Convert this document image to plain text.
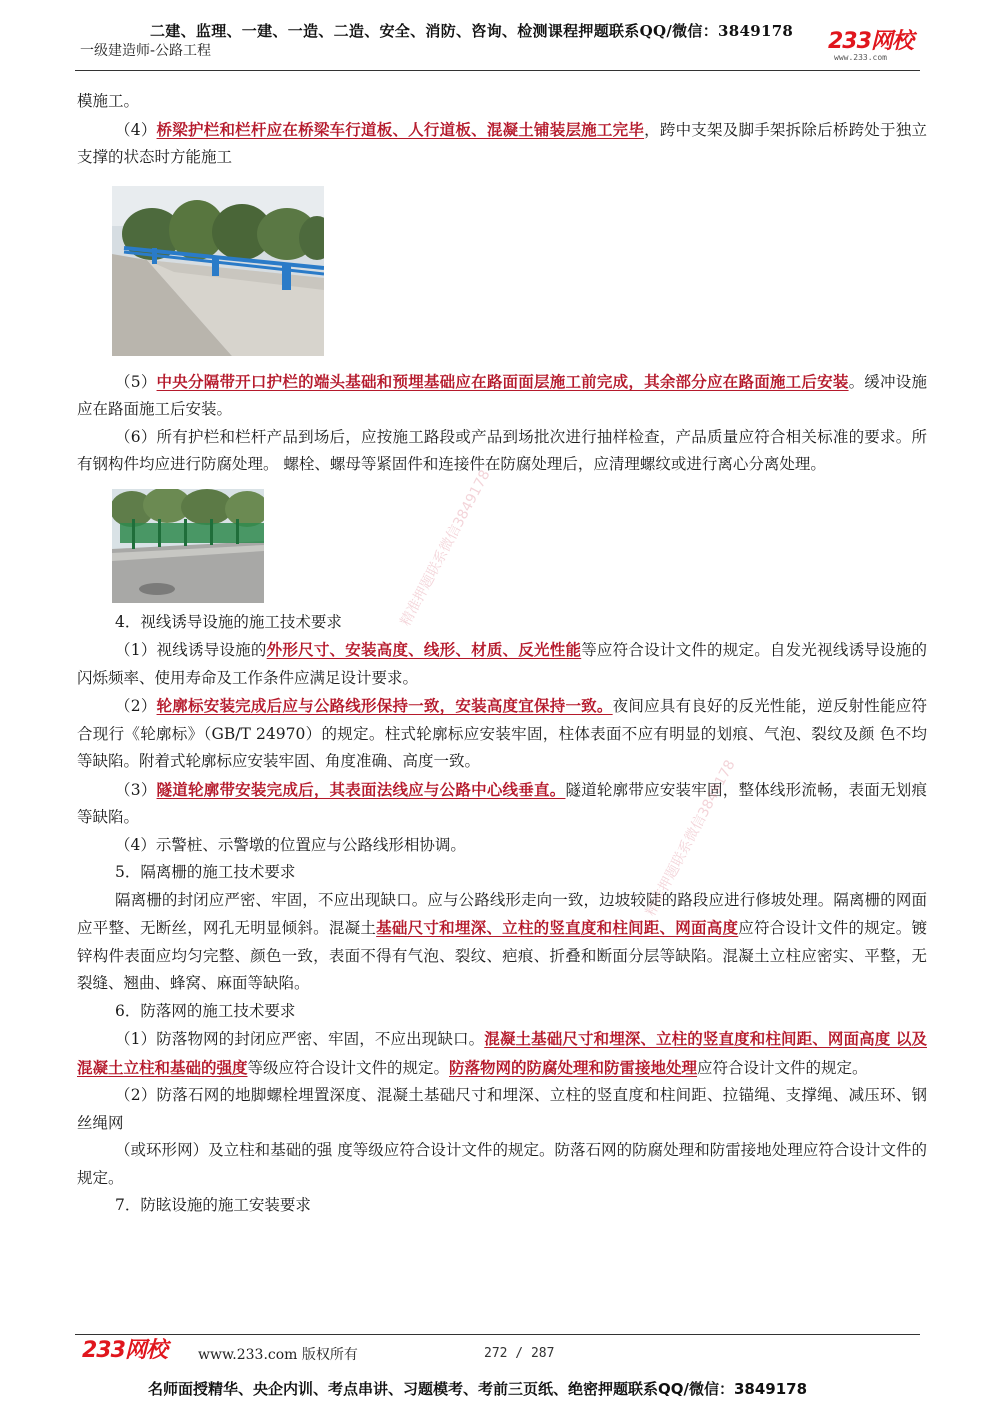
二建、监理、一建、一造、二造、安全、消防、咨询、检测课程押题联系QQ/微信：3849178
一级建造师-公路工程	233网校
www.233.com

模施工。

（4）桥梁护栏和栏杆应在桥梁车行道板、人行道板、混凝土铺装层施工完毕，跨中支架及脚手架拆除后桥跨处于独立支撑的状态时方能施工

（5）中央分隔带开口护栏的端头基础和预埋基础应在路面面层施工前完成，其余部分应在路面施工后安装。缓冲设施应在路面施工后安装。

（6）所有护栏和栏杆产品到场后，应按施工路段或产品到场批次进行抽样检查，产品质量应符合相关标准的要求。所有钢构件均应进行防腐处理。 螺栓、螺母等紧固件和连接件在防腐处理后，应清理螺纹或进行离心分离处理。

4．视线诱导设施的施工技术要求

（1）视线诱导设施的外形尺寸、安装高度、线形、材质、反光性能等应符合设计文件的规定。自发光视线诱导设施的闪烁频率、使用寿命及工作条件应满足设计要求。

（2）轮廓标安装完成后应与公路线形保持一致，安装高度宜保持一致。夜间应具有良好的反光性能，逆反射性能应符合现行《轮廓标》（GB/T 24970）的规定。柱式轮廓标应安装牢固，柱体表面不应有明显的划痕、气泡、裂纹及颜 色不均等缺陷。附着式轮廓标应安装牢固、角度准确、高度一致。

（3）隧道轮廓带安装完成后，其表面法线应与公路中心线垂直。隧道轮廓带应安装牢固，整体线形流畅，表面无划痕等缺陷。

（4）示警桩、示警墩的位置应与公路线形相协调。

5．隔离栅的施工技术要求

隔离栅的封闭应严密、牢固，不应出现缺口。应与公路线形走向一致，边坡较陡的路段应进行修坡处理。隔离栅的网面应平整、无断丝，网孔无明显倾斜。混凝土基础尺寸和埋深、立柱的竖直度和柱间距、网面高度应符合设计文件的规定。镀锌构件表面应均匀完整、颜色一致，表面不得有气泡、裂纹、疤痕、折叠和断面分层等缺陷。混凝土立柱应密实、平整，无裂缝、翘曲、蜂窝、麻面等缺陷。

6．防落网的施工技术要求

（1）防落物网的封闭应严密、牢固，不应出现缺口。混凝土基础尺寸和埋深、立柱的竖直度和柱间距、网面高度 以及混凝土立柱和基础的强度等级应符合设计文件的规定。防落物网的防腐处理和防雷接地处理应符合设计文件的规定。

（2）防落石网的地脚螺栓埋置深度、混凝土基础尺寸和埋深、立柱的竖直度和柱间距、拉锚绳、支撑绳、减压环、钢丝绳网

（或环形网）及立柱和基础的强 度等级应符合设计文件的规定。防落石网的防腐处理和防雷接地处理应符合设计文件的规定。

7．防眩设施的施工安装要求

精准押题联系微信3849178
精准押题联系微信3849178
233网校 www.233.com 版权所有	272 / 287
名师面授精华、央企内训、考点串讲、习题模考、考前三页纸、绝密押题联系QQ/微信：3849178
